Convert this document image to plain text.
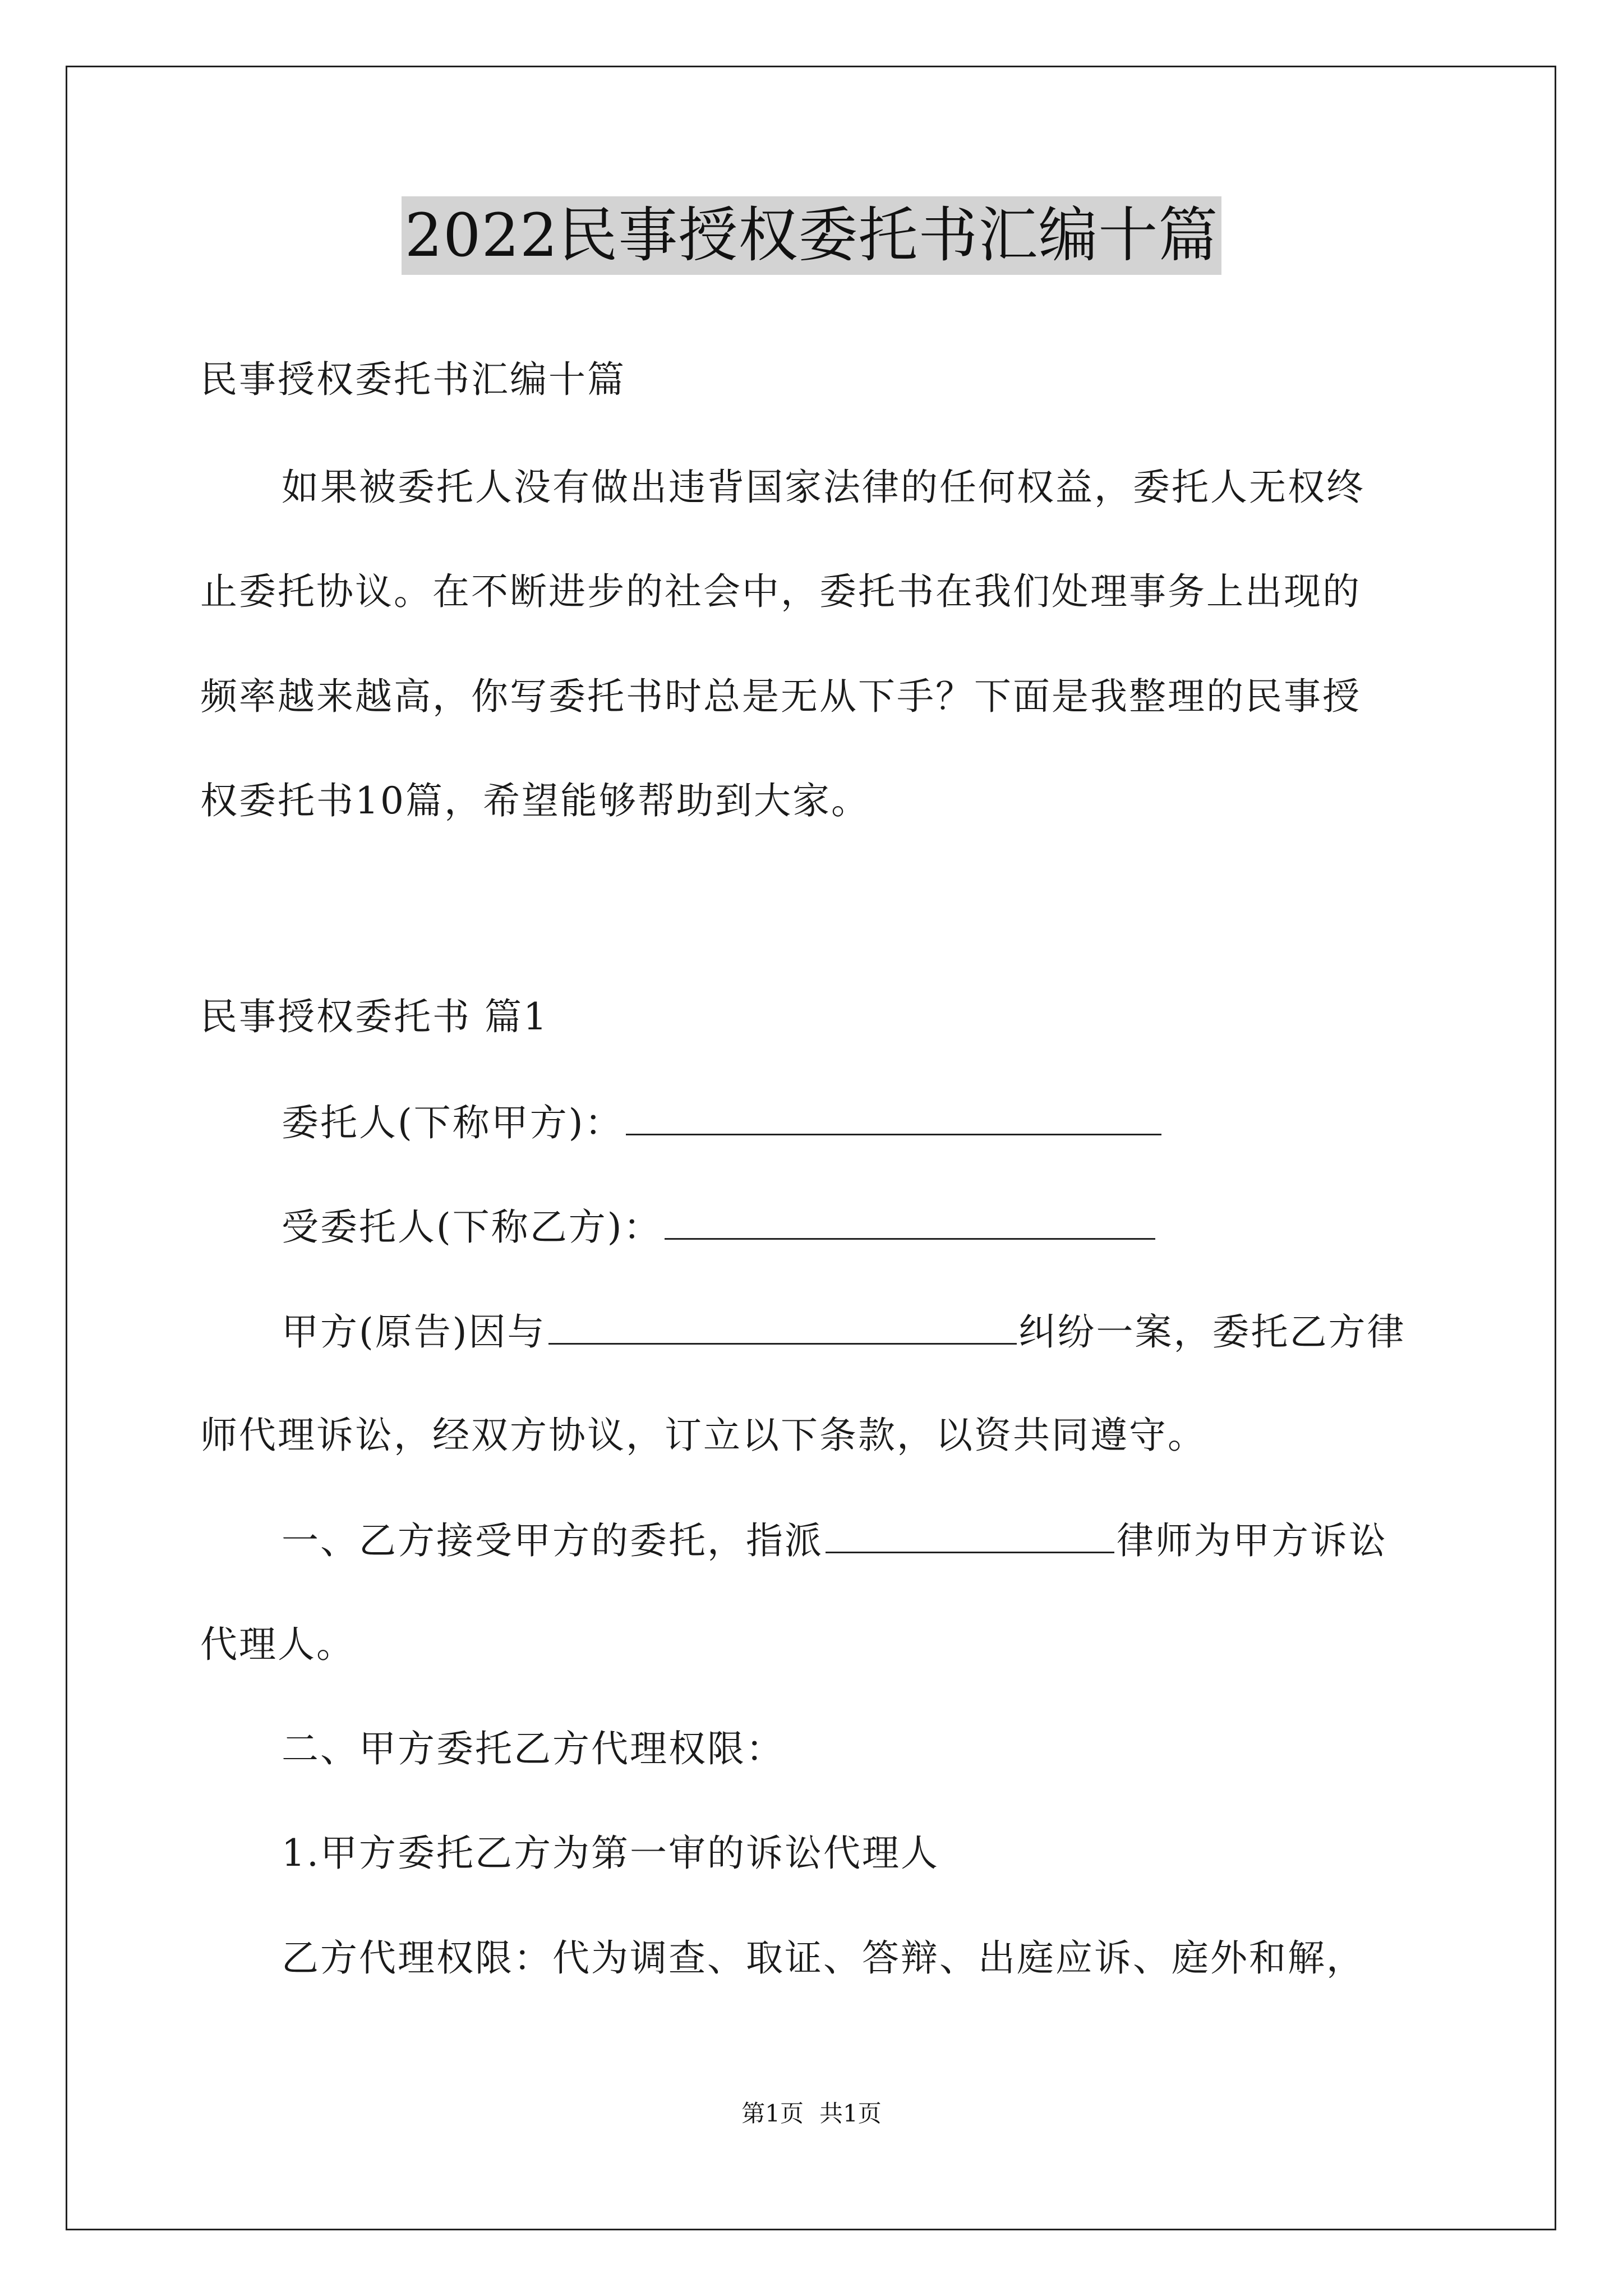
2022民事授权委托书汇编十篇
民事授权委托书汇编十篇
如果被委托人没有做出违背国家法律的任何权益，委托人无权终
止委托协议。在不断进步的社会中，委托书在我们处理事务上出现的
频率越来越高，你写委托书时总是无从下手？下面是我整理的民事授
权委托书10篇，希望能够帮助到大家。
民事授权委托书 篇1
委托人(下称甲方)：
受委托人(下称乙方)：
甲方(原告)因与	纠纷一案，委托乙方律
师代理诉讼，经双方协议，订立以下条款，以资共同遵守。
一、乙方接受甲方的委托，指派	律师为甲方诉讼
代理人。
二、甲方委托乙方代理权限：
1.甲方委托乙方为第一审的诉讼代理人
乙方代理权限：代为调查、取证、答辩、出庭应诉、庭外和解，
第1页 共1页
